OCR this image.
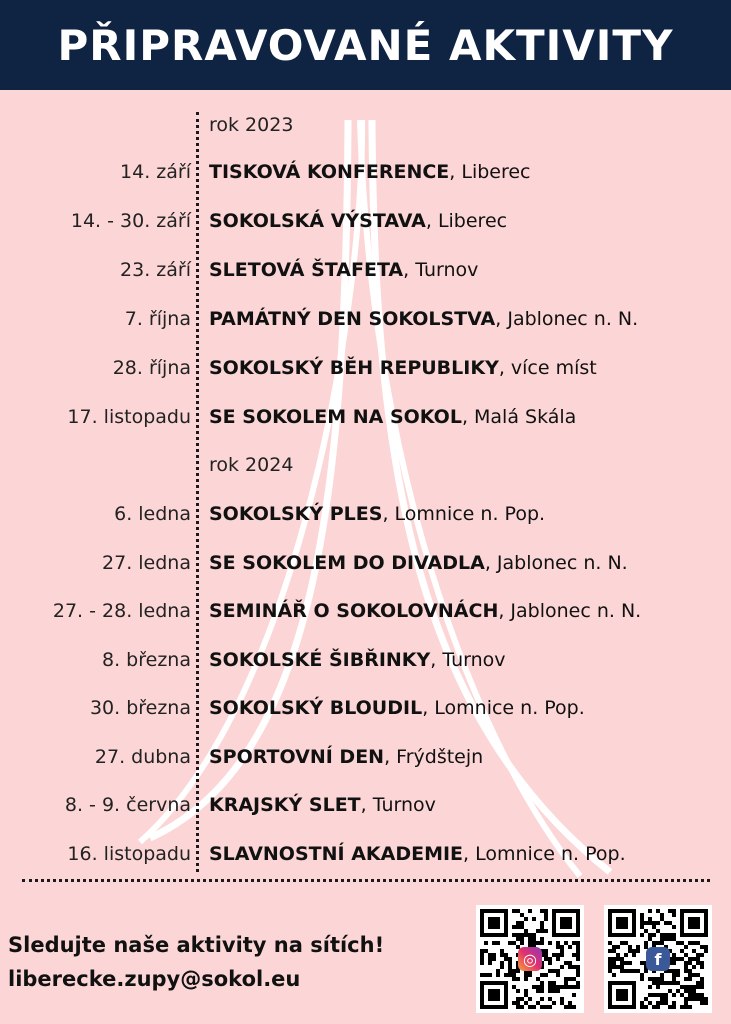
PŘIPRAVOVANÉ AKTIVITY
rok 2023
14. září TISKOVÁ KONFERENCE, Liberec
14. - 30. září SOKOLSKÁ VÝSTAVA, Liberec
23. září SLETOVÁ ŠTAFETA, Turnov
7. října PAMÁTNÝ DEN SOKOLSTVA, Jablonec n. N.
28. října SOKOLSKÝ BĚH REPUBLIKY, více míst
17. listopadu SE SOKOLEM NA SOKOL, Malá Skála
rok 2024
6. ledna SOKOLSKÝ PLES, Lomnice n. Pop.
27. ledna SE SOKOLEM DO DIVADLA, Jablonec n. N.
27. - 28. ledna SEMINÁŘ O SOKOLOVNÁCH, Jablonec n. N.
8. března SOKOLSKÉ ŠIBŘINKY, Turnov
30. března SOKOLSKÝ BLOUDIL, Lomnice n. Pop.
27. dubna SPORTOVNÍ DEN, Frýdštejn
8. - 9. června KRAJSKÝ SLET, Turnov
16. listopadu SLAVNOSTNÍ AKADEMIE, Lomnice n. Pop.
Sledujte naše aktivity na sítích!
liberecke.zupy@sokol.eu
◎	f
